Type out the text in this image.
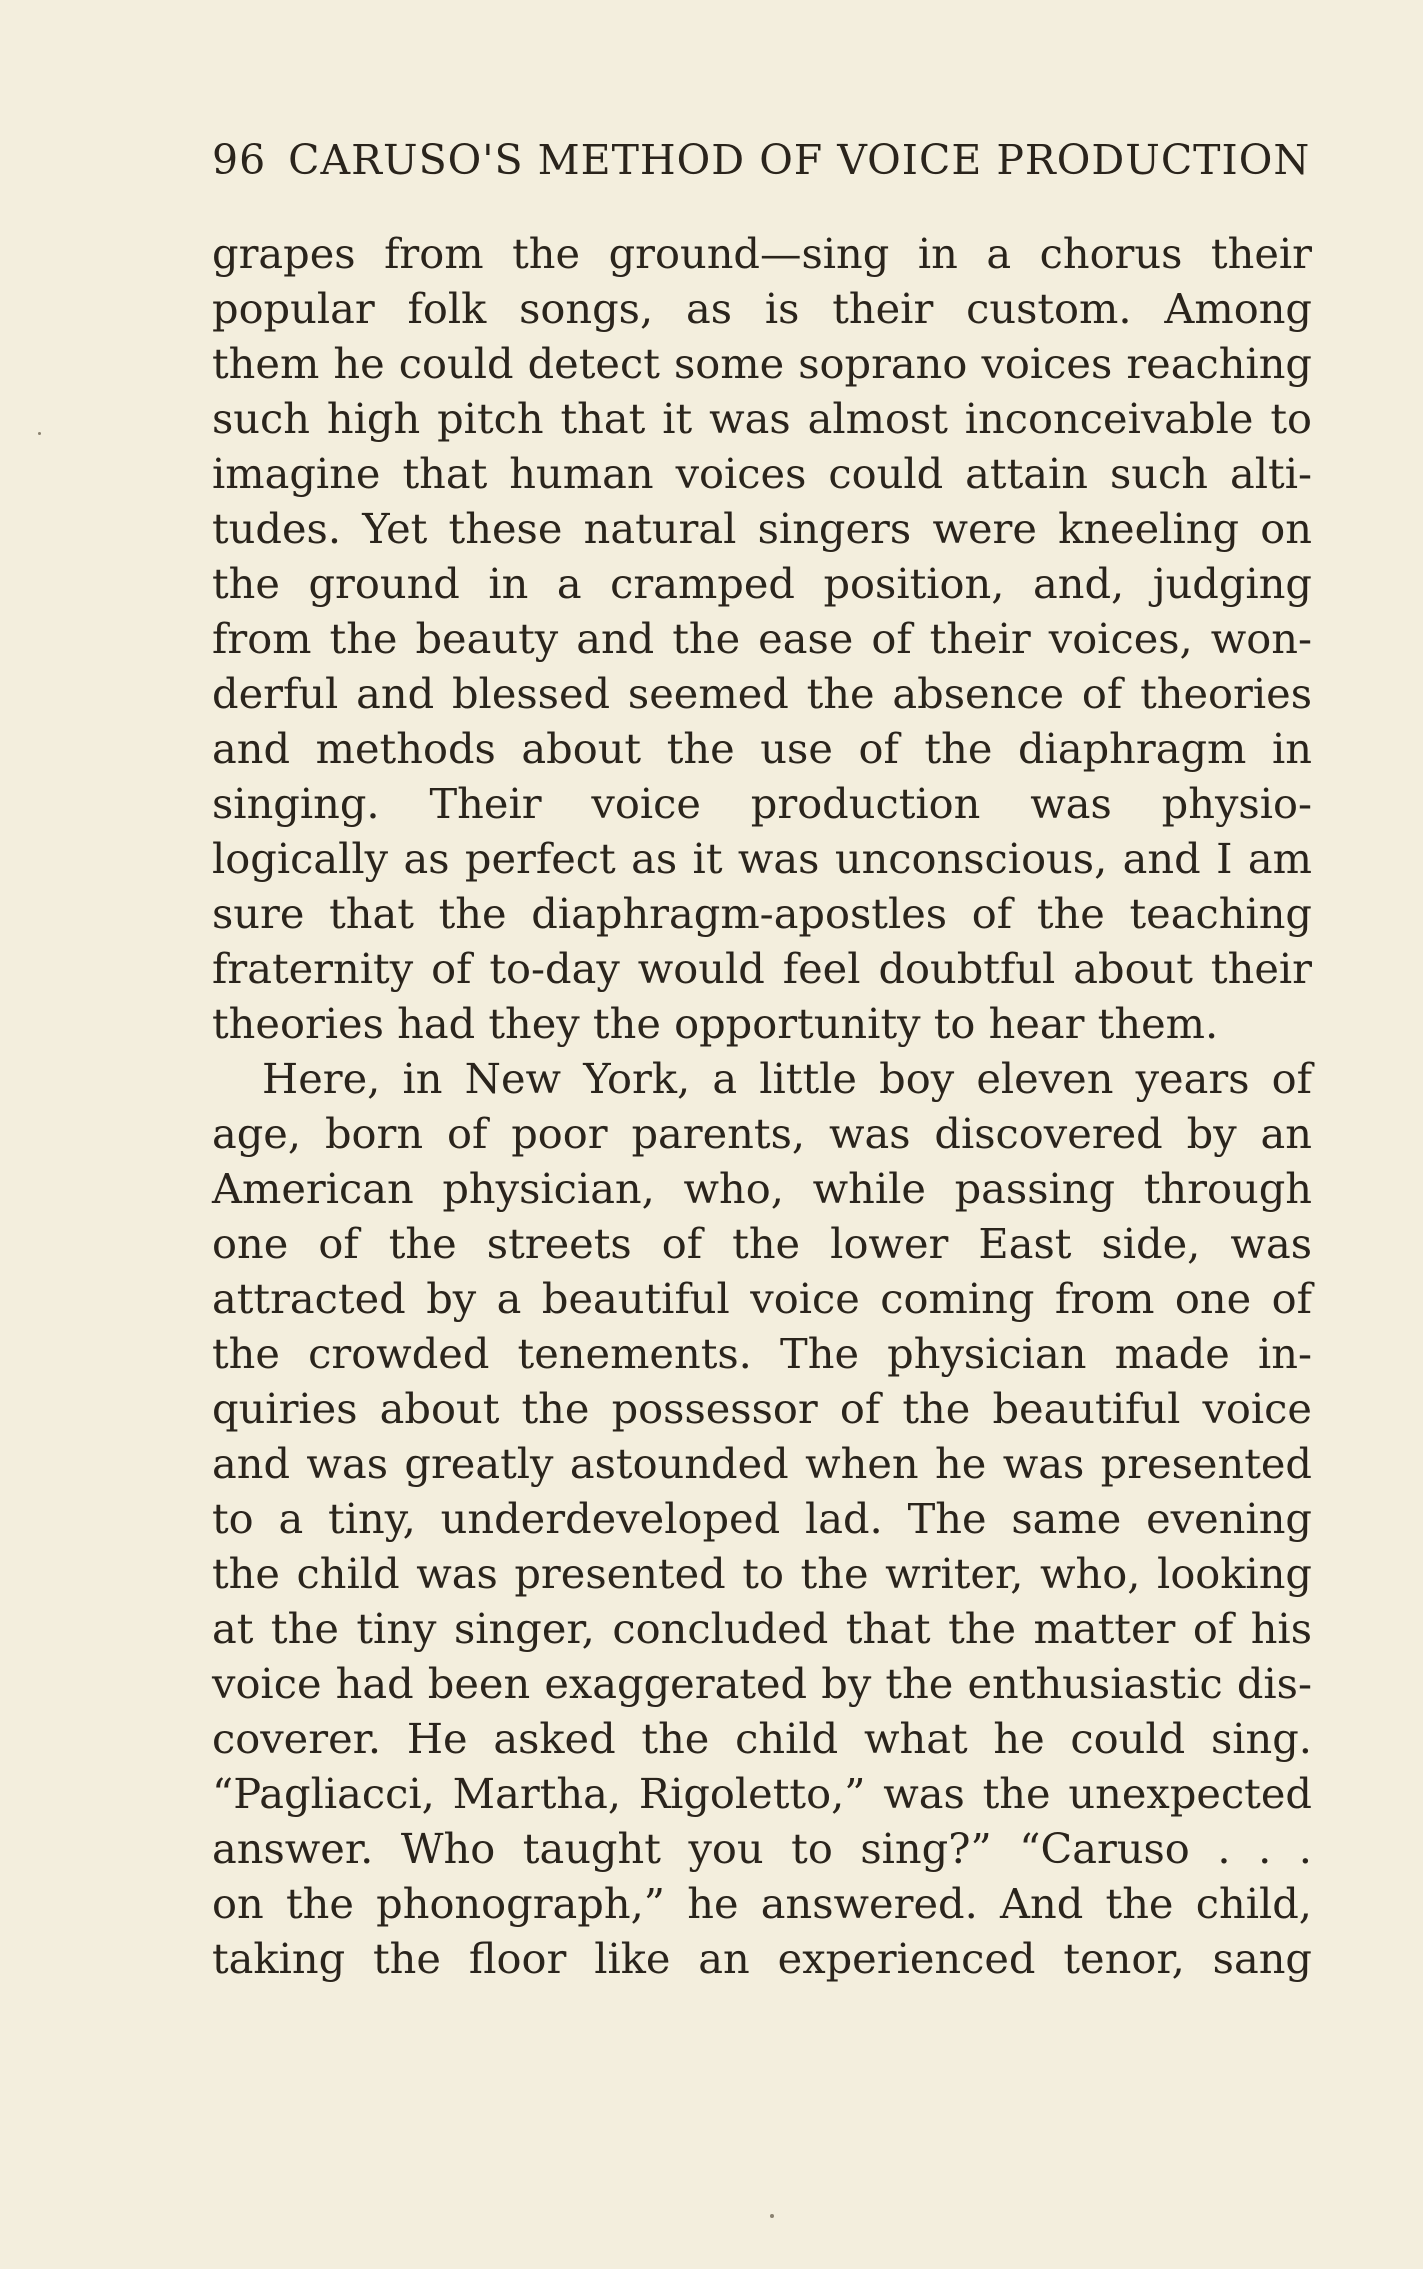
96 CARUSO'S METHOD OF VOICE PRODUCTION
grapes from the ground—sing in a chorus their
popular folk songs, as is their custom. Among
them he could detect some soprano voices reaching
such high pitch that it was almost inconceivable to
imagine that human voices could attain such alti-
tudes. Yet these natural singers were kneeling on
the ground in a cramped position, and, judging
from the beauty and the ease of their voices, won-
derful and blessed seemed the absence of theories
and methods about the use of the diaphragm in
singing. Their voice production was physio-
logically as perfect as it was unconscious, and I am
sure that the diaphragm-apostles of the teaching
fraternity of to-day would feel doubtful about their
theories had they the opportunity to hear them.
Here, in New York, a little boy eleven years of
age, born of poor parents, was discovered by an
American physician, who, while passing through
one of the streets of the lower East side, was
attracted by a beautiful voice coming from one of
the crowded tenements. The physician made in-
quiries about the possessor of the beautiful voice
and was greatly astounded when he was presented
to a tiny, underdeveloped lad. The same evening
the child was presented to the writer, who, looking
at the tiny singer, concluded that the matter of his
voice had been exaggerated by the enthusiastic dis-
coverer. He asked the child what he could sing.
“Pagliacci, Martha, Rigoletto,” was the unexpected
answer. Who taught you to sing?” “Caruso . . .
on the phonograph,” he answered. And the child,
taking the floor like an experienced tenor, sang
